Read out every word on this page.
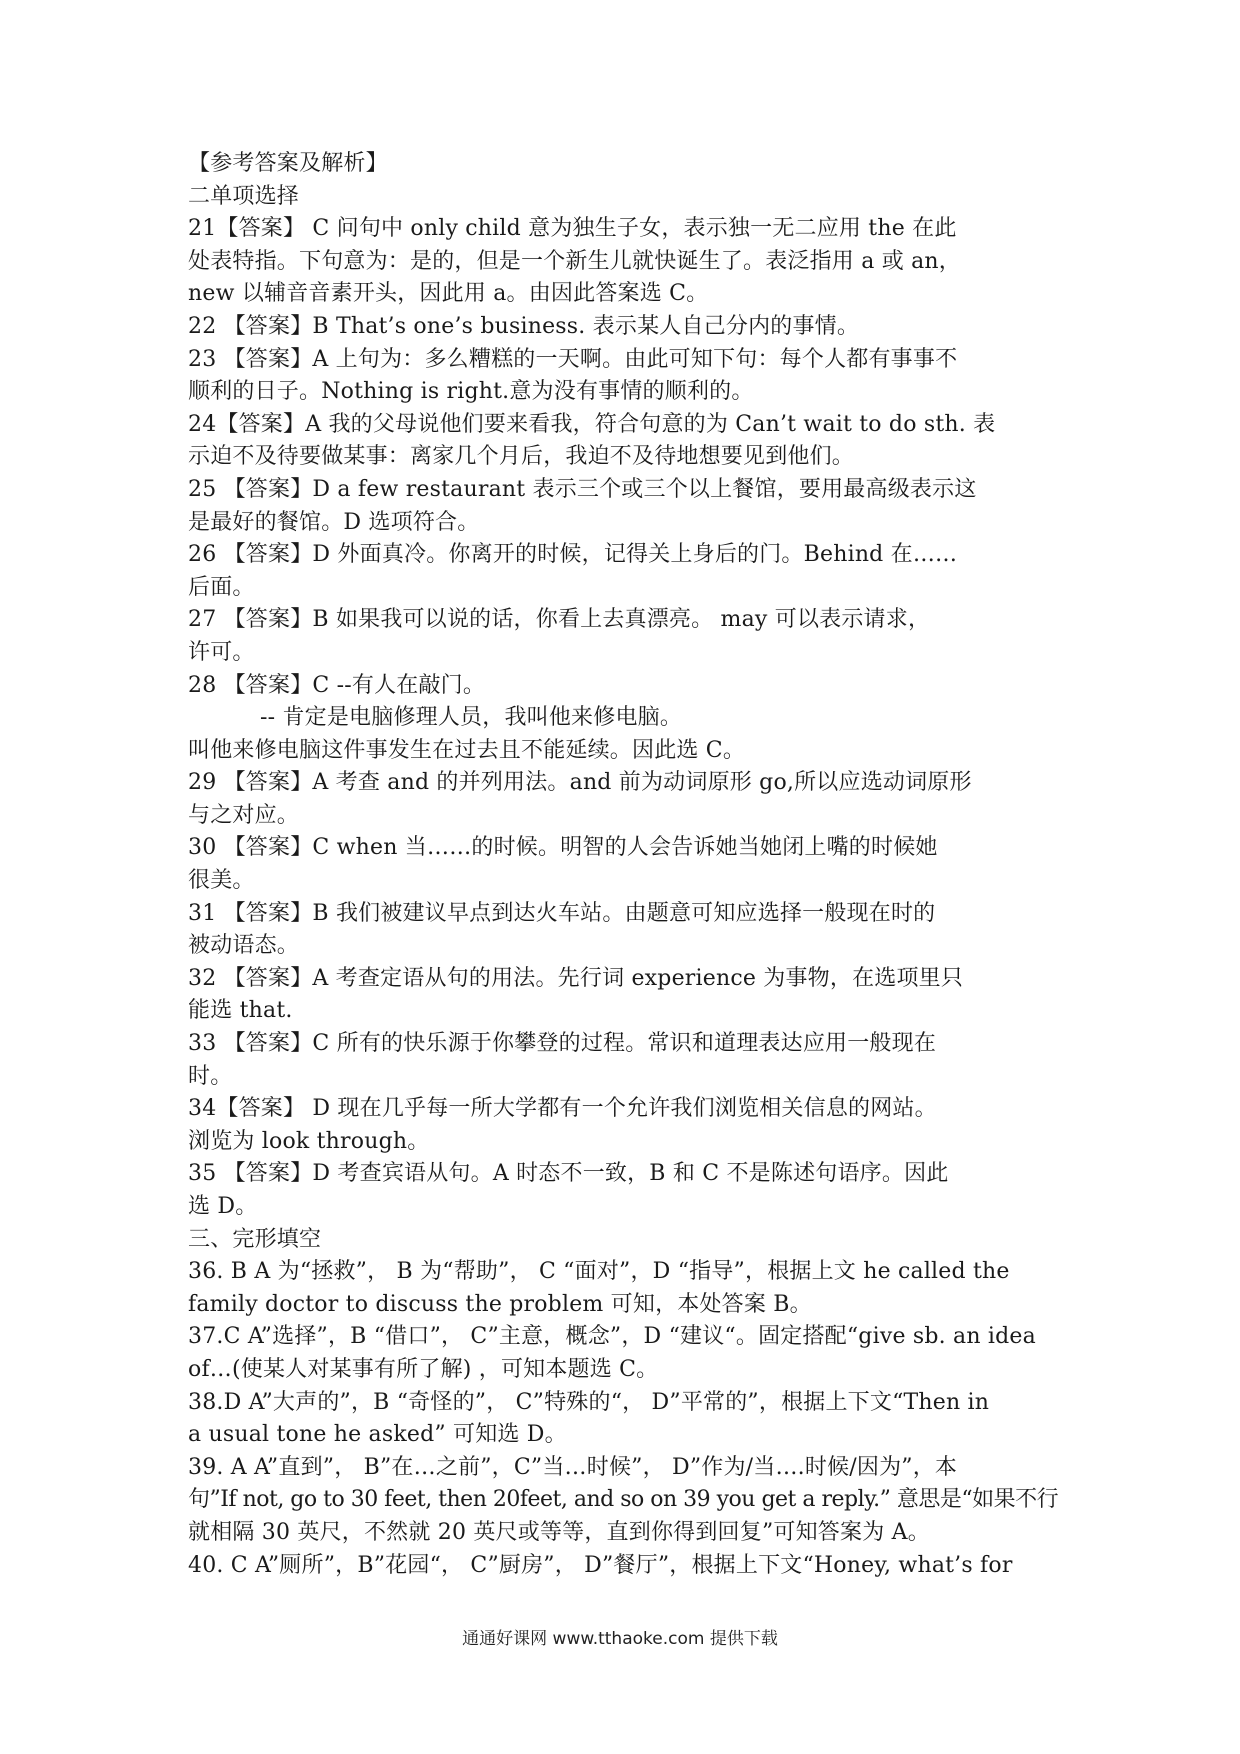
【参考答案及解析】
二单项选择
21【答案】 C 问句中 only child 意为独生子女，表示独一无二应用 the 在此
处表特指。下句意为：是的，但是一个新生儿就快诞生了。表泛指用 a 或 an，
new 以辅音音素开头，因此用 a。由因此答案选 C。
22 【答案】B That’s one’s business. 表示某人自己分内的事情。
23 【答案】A 上句为：多么糟糕的一天啊。由此可知下句：每个人都有事事不
顺利的日子。Nothing is right.意为没有事情的顺利的。
24【答案】A 我的父母说他们要来看我，符合句意的为 Can’t wait to do sth. 表
示迫不及待要做某事：离家几个月后，我迫不及待地想要见到他们。
25 【答案】D a few restaurant 表示三个或三个以上餐馆，要用最高级表示这
是最好的餐馆。D 选项符合。
26 【答案】D 外面真冷。你离开的时候，记得关上身后的门。Behind 在……
后面。
27 【答案】B 如果我可以说的话，你看上去真漂亮。 may 可以表示请求，
许可。
28 【答案】C --有人在敲门。
-- 肯定是电脑修理人员，我叫他来修电脑。
叫他来修电脑这件事发生在过去且不能延续。因此选 C。
29 【答案】A 考查 and 的并列用法。and 前为动词原形 go,所以应选动词原形
与之对应。
30 【答案】C when 当……的时候。明智的人会告诉她当她闭上嘴的时候她
很美。
31 【答案】B 我们被建议早点到达火车站。由题意可知应选择一般现在时的
被动语态。
32 【答案】A 考查定语从句的用法。先行词 experience 为事物，在选项里只
能选 that.
33 【答案】C 所有的快乐源于你攀登的过程。常识和道理表达应用一般现在
时。
34【答案】 D 现在几乎每一所大学都有一个允许我们浏览相关信息的网站。
浏览为 look through。
35 【答案】D 考查宾语从句。A 时态不一致，B 和 C 不是陈述句语序。因此
选 D。
三、完形填空
36. B A 为“拯救”， B 为“帮助”， C “面对”，D “指导”，根据上文 he called the
family doctor to discuss the problem 可知，本处答案 B。
37.C A”选择”，B “借口”， C”主意，概念”，D “建议“。固定搭配“give sb. an idea
of…(使某人对某事有所了解) ，可知本题选 C。
38.D A”大声的”，B “奇怪的”， C”特殊的“， D”平常的”，根据上下文“Then in
a usual tone he asked” 可知选 D。
39. A A”直到”， B”在…之前”，C”当…时候”， D”作为/当….时候/因为”，本
句”If not, go to 30 feet, then 20feet, and so on 39 you get a reply.” 意思是“如果不行
就相隔 30 英尺，不然就 20 英尺或等等，直到你得到回复”可知答案为 A。
40. C A”厕所”，B”花园“， C”厨房”， D”餐厅”，根据上下文“Honey, what’s for
通通好课网 www.tthaoke.com 提供下载
